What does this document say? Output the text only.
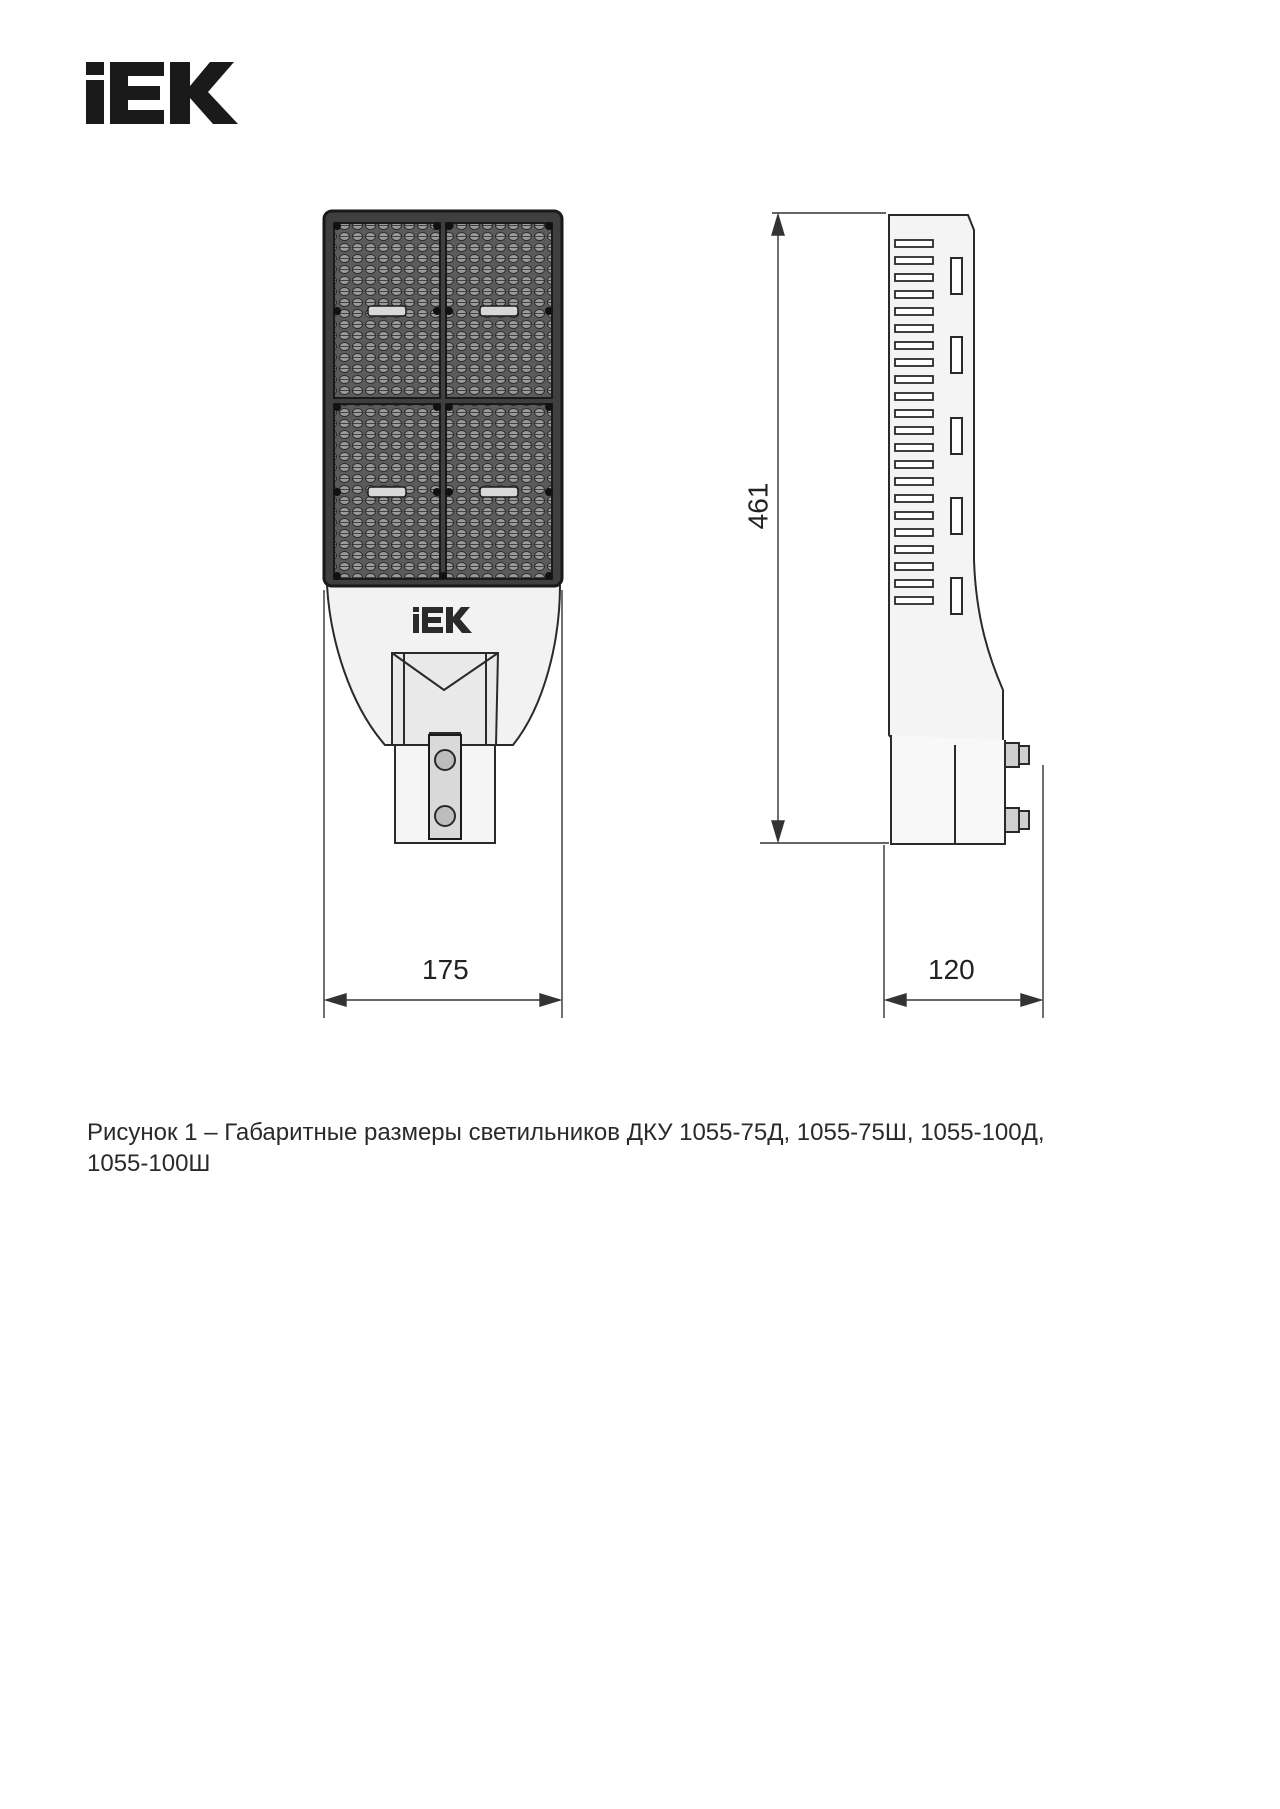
175
461
120
Рисунок 1 – Габаритные размеры светильников ДКУ 1055-75Д, 1055-75Ш, 1055-100Д,
1055-100Ш
